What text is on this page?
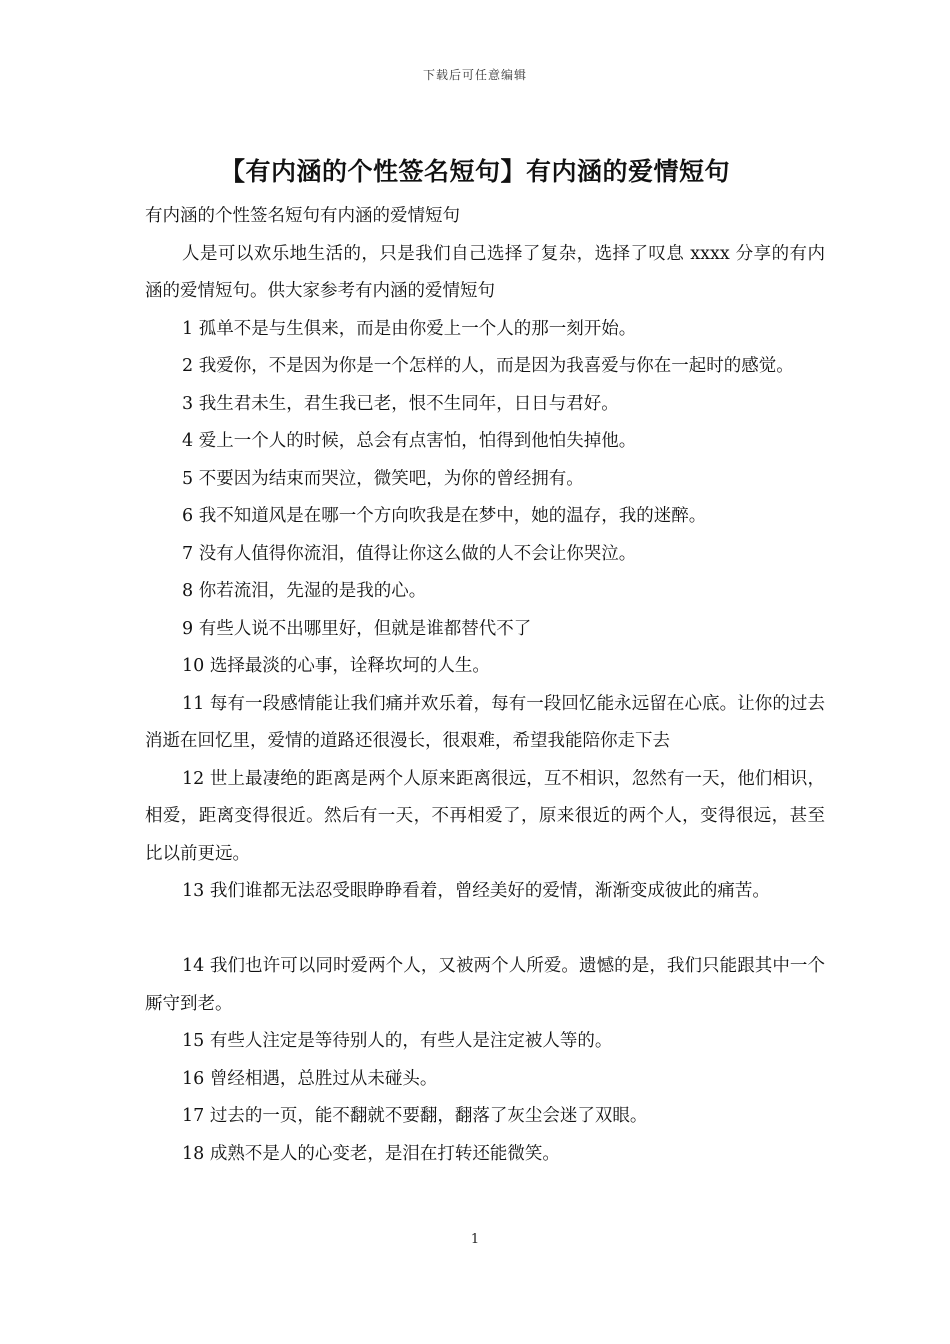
下载后可任意编辑
【有内涵的个性签名短句】有内涵的爱情短句

有内涵的个性签名短句有内涵的爱情短句

人是可以欢乐地生活的，只是我们自己选择了复杂，选择了叹息 xxxx 分享的有内涵的爱情短句。供大家参考有内涵的爱情短句

1 孤单不是与生俱来，而是由你爱上一个人的那一刻开始。

2 我爱你，不是因为你是一个怎样的人，而是因为我喜爱与你在一起时的感觉。

3 我生君未生，君生我已老，恨不生同年，日日与君好。

4 爱上一个人的时候，总会有点害怕，怕得到他怕失掉他。

5 不要因为结束而哭泣，微笑吧，为你的曾经拥有。

6 我不知道风是在哪一个方向吹我是在梦中，她的温存，我的迷醉。

7 没有人值得你流泪，值得让你这么做的人不会让你哭泣。

8 你若流泪，先湿的是我的心。

9 有些人说不出哪里好，但就是谁都替代不了

10 选择最淡的心事，诠释坎坷的人生。

11 每有一段感情能让我们痛并欢乐着，每有一段回忆能永远留在心底。让你的过去消逝在回忆里，爱情的道路还很漫长，很艰难，希望我能陪你走下去

12 世上最凄绝的距离是两个人原来距离很远，互不相识，忽然有一天，他们相识，相爱，距离变得很近。然后有一天，不再相爱了，原来很近的两个人，变得很远，甚至比以前更远。

13 我们谁都无法忍受眼睁睁看着，曾经美好的爱情，渐渐变成彼此的痛苦。

14 我们也许可以同时爱两个人，又被两个人所爱。遗憾的是，我们只能跟其中一个厮守到老。

15 有些人注定是等待别人的，有些人是注定被人等的。

16 曾经相遇，总胜过从未碰头。

17 过去的一页，能不翻就不要翻，翻落了灰尘会迷了双眼。

18 成熟不是人的心变老，是泪在打转还能微笑。

1
